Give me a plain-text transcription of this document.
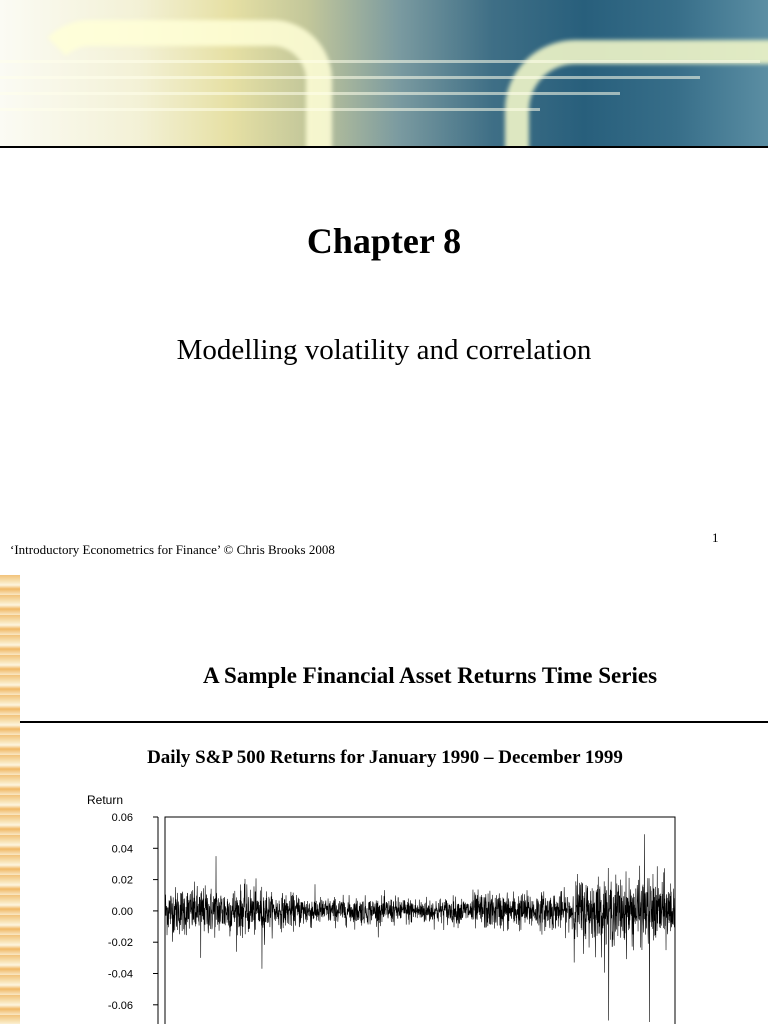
Chapter 8
Modelling volatility and correlation
‘Introductory Econometrics for Finance’ © Chris Brooks 2008
1
A Sample Financial Asset Returns Time Series
Daily S&P 500 Returns for January 1990 – December 1999
Return
0.06
0.04
0.02
0.00
-0.02
-0.04
-0.06
